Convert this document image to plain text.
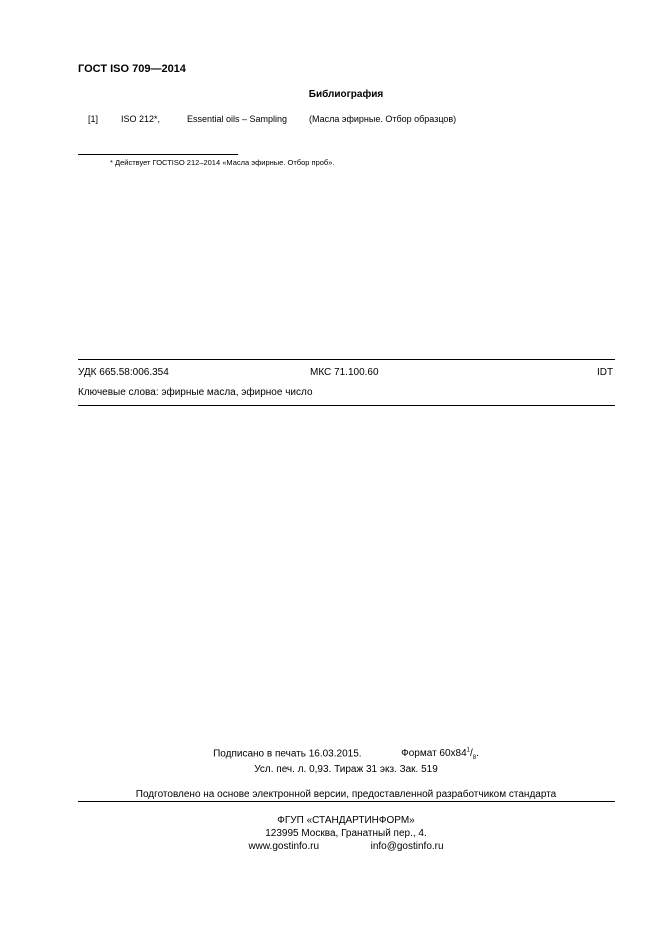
ГОСТ ISO 709—2014
Библиография
[1]	ISO 212*,	Essential oils – Sampling (Масла эфирные. Отбор образцов)
* Действует ГОСТISO 212–2014 «Масла эфирные. Отбор проб».
УДК 665.58:006.354	МКС 71.100.60	IDT
Ключевые слова: эфирные масла, эфирное число
Подписано в печать 16.03.2015.	Формат $60x84^1/_8$.
Усл. печ. л. 0,93. Тираж 31 экз. Зак. 519
Подготовлено на основе электронной версии, предоставленной разработчиком стандарта
ФГУП «СТАНДАРТИНФОРМ»
123995 Москва, Гранатный пер., 4.
www.gostinfo.ru	info@gostinfo.ru
